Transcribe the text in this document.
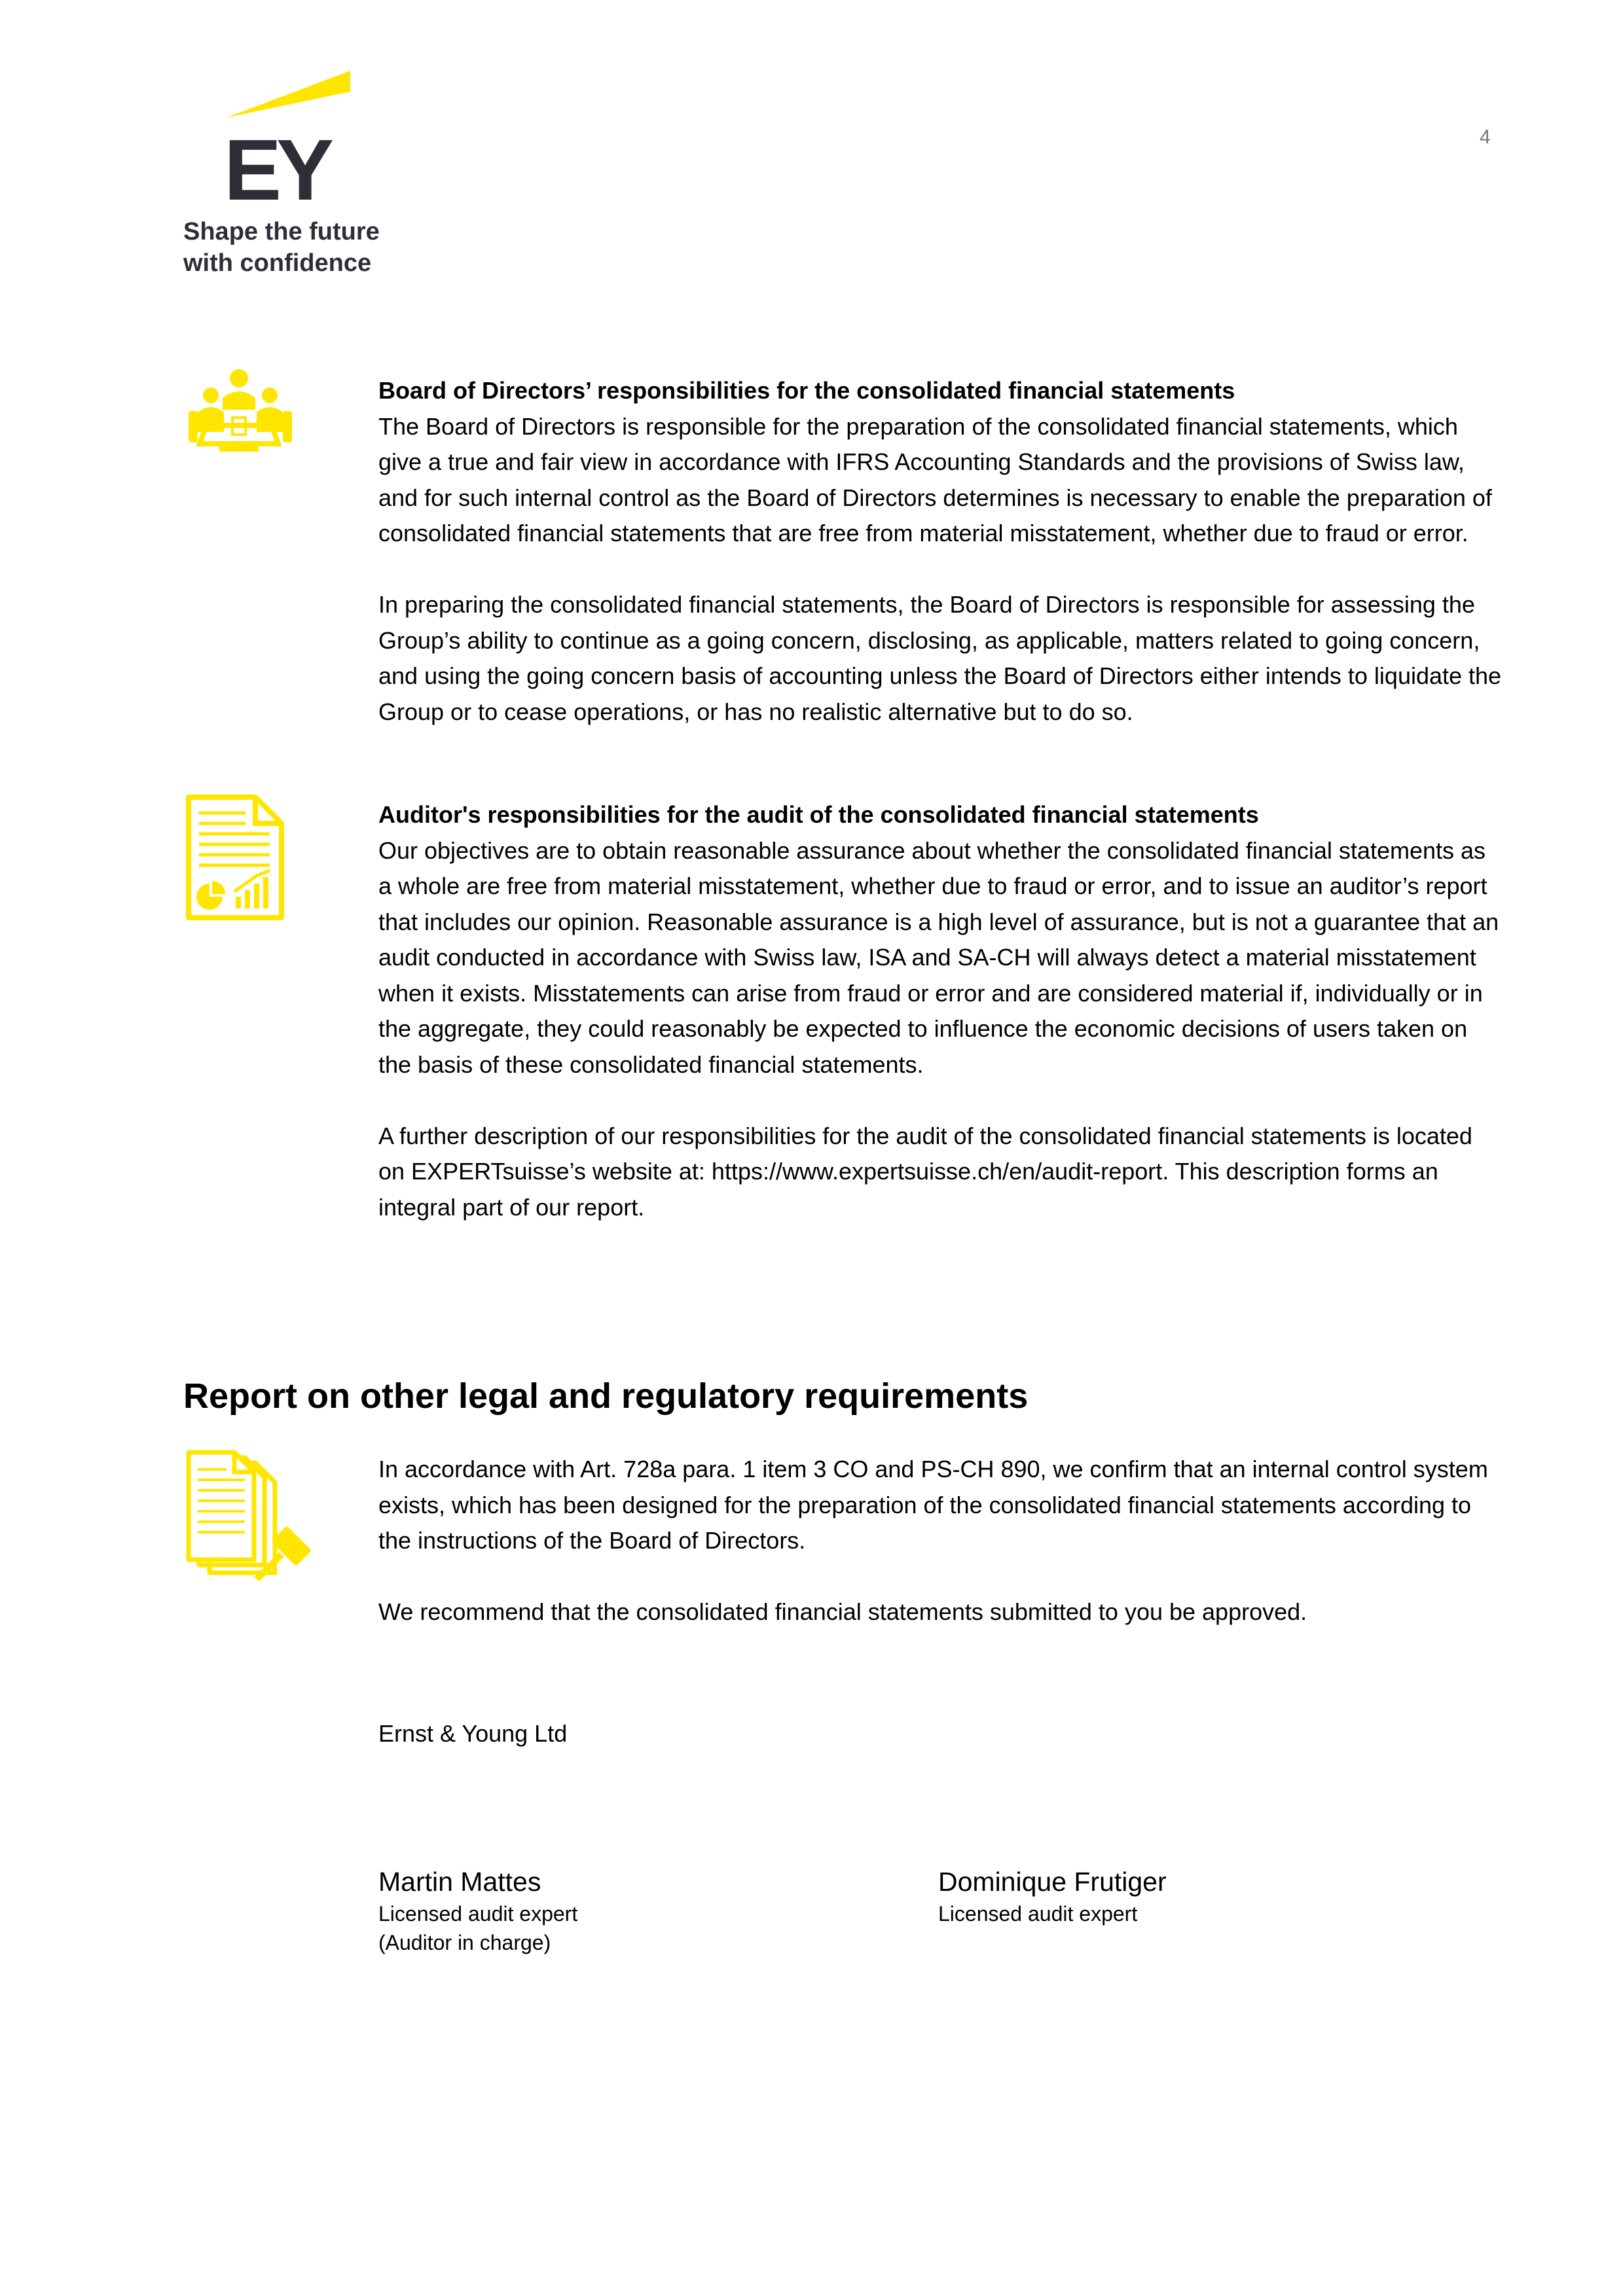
EY
Shape the future
with confidence
4
Board of Directors’ responsibilities for the consolidated financial statements

The Board of Directors is responsible for the preparation of the consolidated financial statements, which give a true and fair view in accordance with IFRS Accounting Standards and the provisions of Swiss law, and for such internal control as the Board of Directors determines is necessary to enable the preparation of consolidated financial statements that are free from material misstatement, whether due to fraud or error.

In preparing the consolidated financial statements, the Board of Directors is responsible for assessing the Group’s ability to continue as a going concern, disclosing, as applicable, matters related to going concern, and using the going concern basis of accounting unless the Board of Directors either intends to liquidate the Group or to cease operations, or has no realistic alternative but to do so.

Auditor's responsibilities for the audit of the consolidated financial statements

Our objectives are to obtain reasonable assurance about whether the consolidated financial statements as a whole are free from material misstatement, whether due to fraud or error, and to issue an auditor’s report that includes our opinion. Reasonable assurance is a high level of assurance, but is not a guarantee that an audit conducted in accordance with Swiss law, ISA and SA-CH will always detect a material misstatement when it exists. Misstatements can arise from fraud or error and are considered material if, individually or in the aggregate, they could reasonably be expected to influence the economic decisions of users taken on the basis of these consolidated financial statements.

A further description of our responsibilities for the audit of the consolidated financial statements is located on EXPERTsuisse’s website at: https://www.expertsuisse.ch/en/audit-report. This description forms an integral part of our report.

Report on other legal and regulatory requirements

In accordance with Art. 728a para. 1 item 3 CO and PS-CH 890, we confirm that an internal control system exists, which has been designed for the preparation of the consolidated financial statements according to the instructions of the Board of Directors.

We recommend that the consolidated financial statements submitted to you be approved.

Ernst & Young Ltd
Martin Mattes
Licensed audit expert
(Auditor in charge)
Dominique Frutiger
Licensed audit expert
